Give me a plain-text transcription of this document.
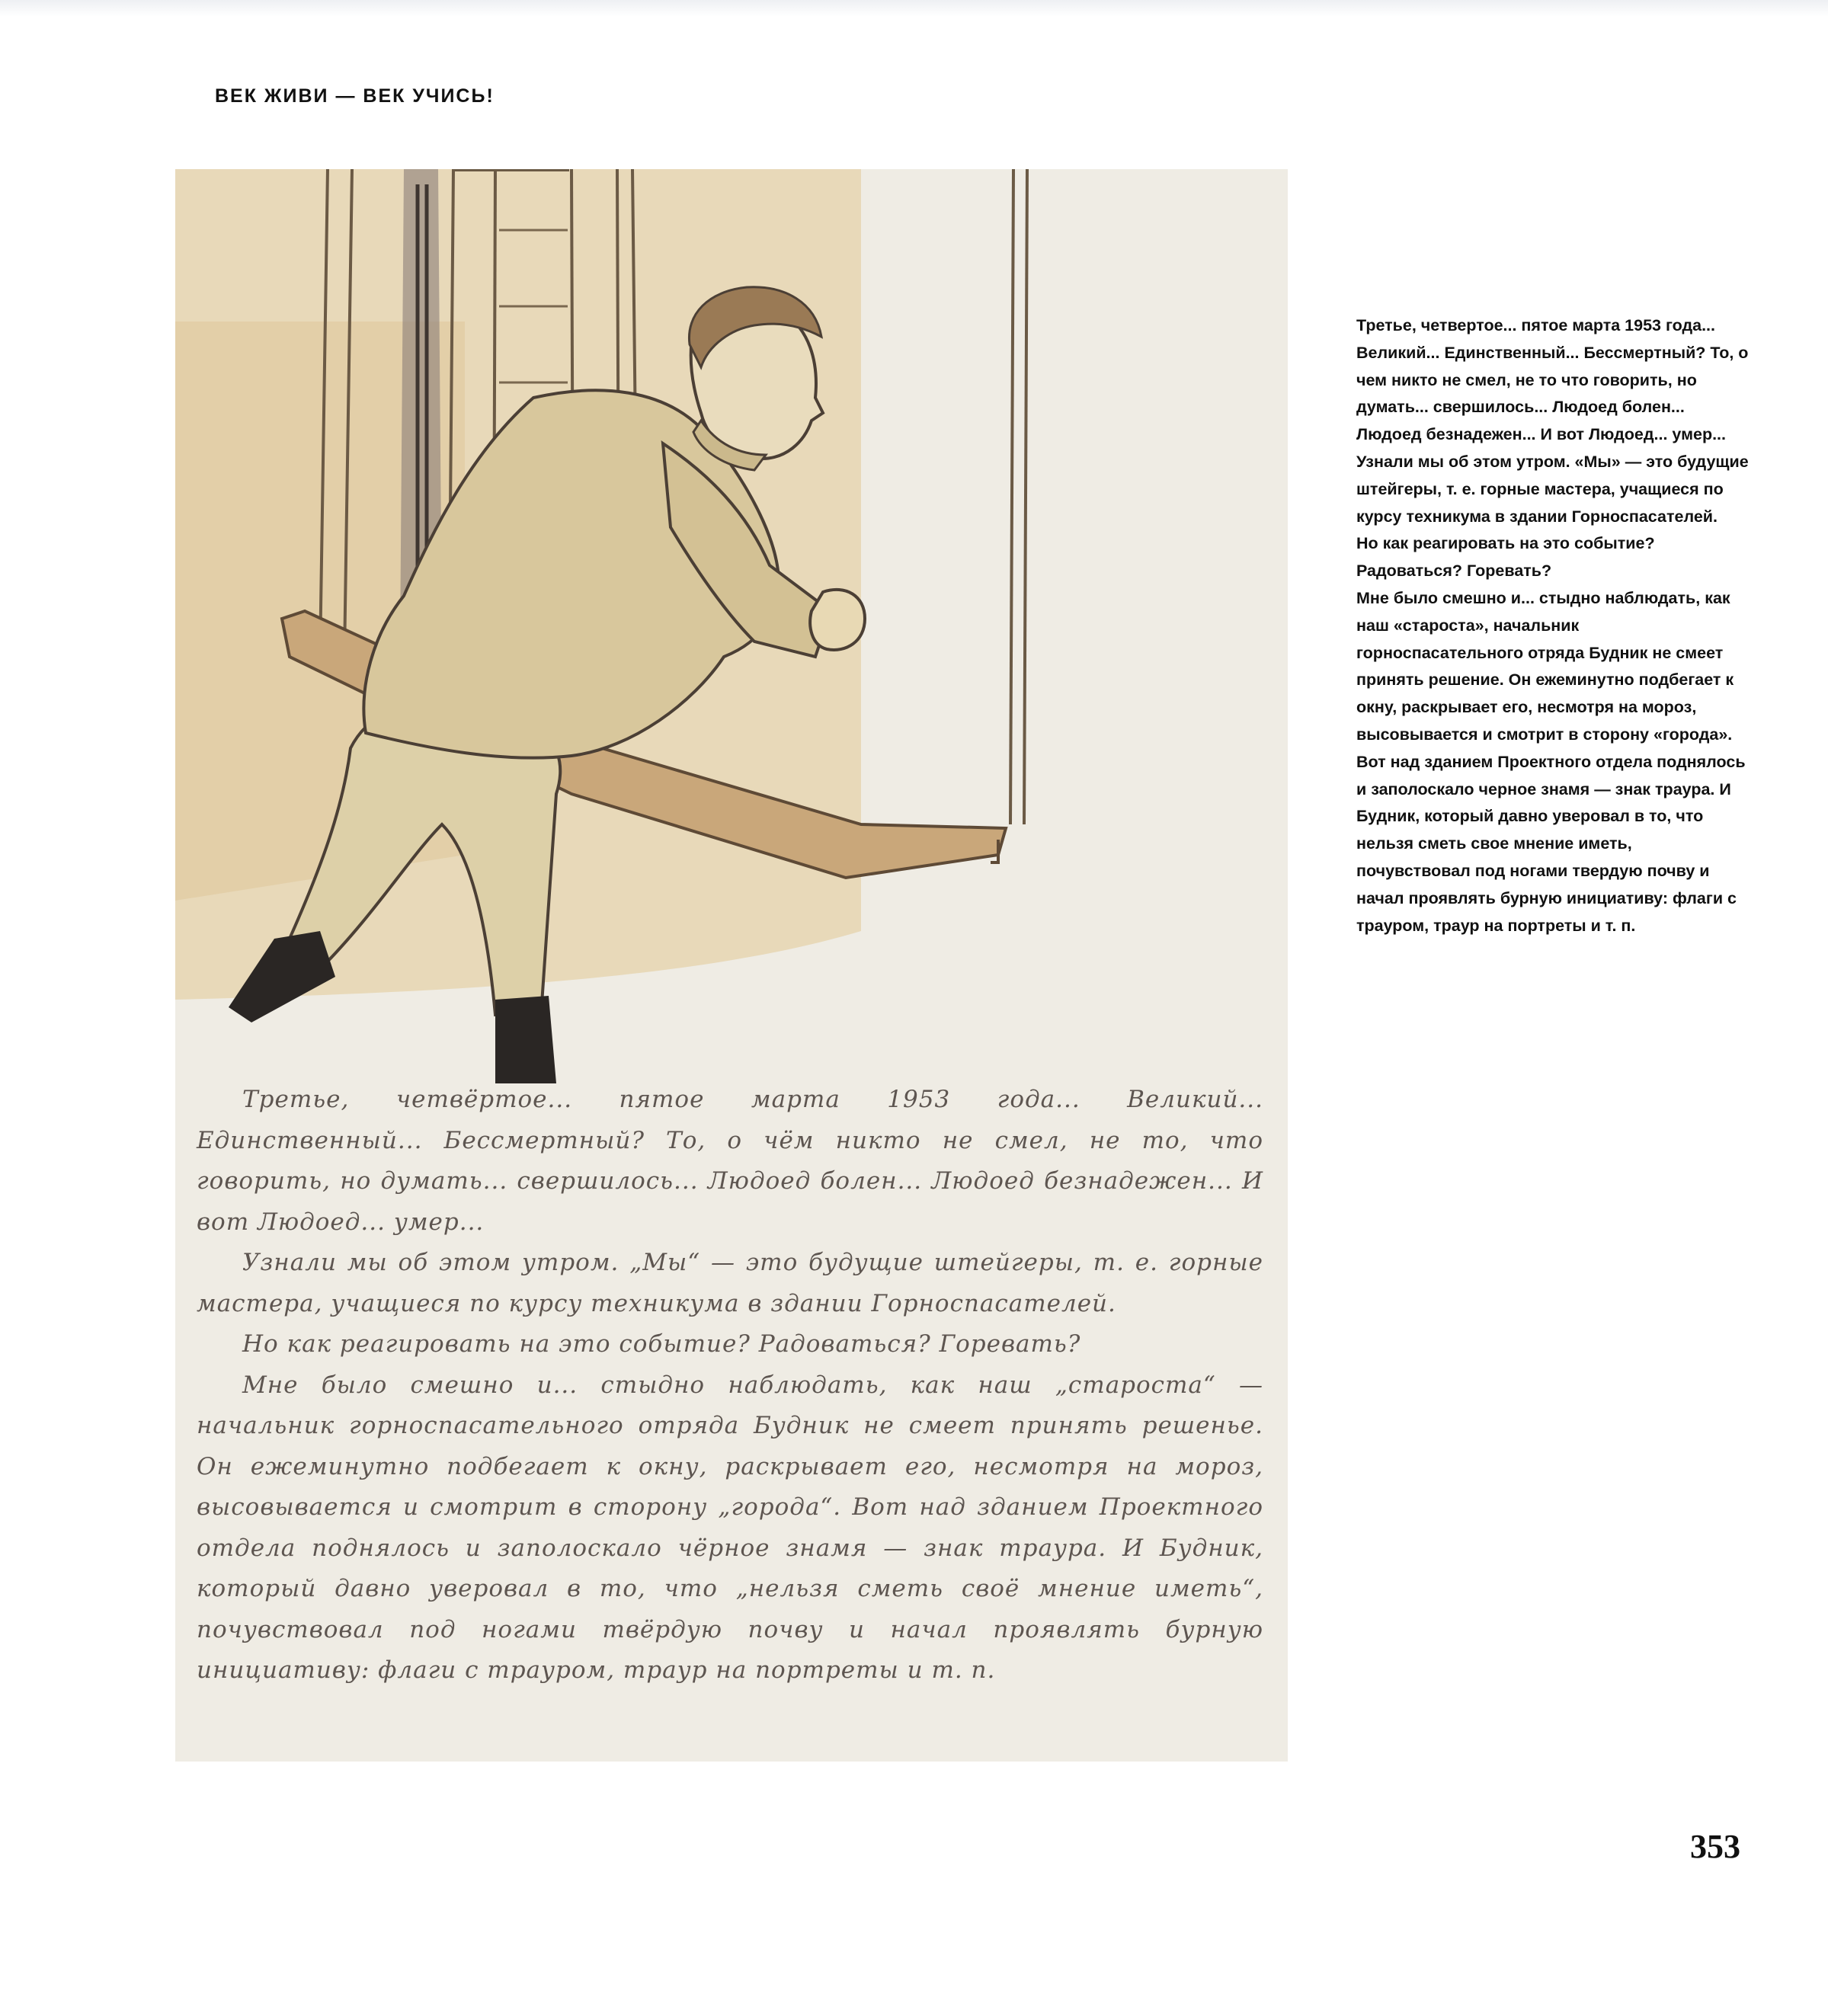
ВЕК ЖИВИ — ВЕК УЧИСЬ!
Третье, четвёртое... пятое марта 1953 года... Великий... Единственный... Бессмертный? То, о чём никто не смел, не то, что говорить, но думать... свершилось... Людоед болен... Людоед безнадежен... И вот Людоед... умер...
Узнали мы об этом утром. „Мы“ — это будущие штейгеры, т. е. горные мастера, учащиеся по курсу техникума в здании Горноспасателей.
Но как реагировать на это событие? Радоваться? Горевать?
Мне было смешно и... стыдно наблюдать, как наш „староста“ — начальник горноспасательного отряда Будник не смеет принять решенье. Он ежеминутно подбегает к окну, раскрывает его, несмотря на мороз, высовывается и смотрит в сторону „города“. Вот над зданием Проектного отдела поднялось и заполоскало чёрное знамя — знак траура. И Будник, который давно уверовал в то, что „нельзя сметь своё мнение иметь“, почувствовал под ногами твёрдую почву и начал проявлять бурную инициативу: флаги с трауром, траур на портреты и т. п.

Третье, четвертое... пятое марта 1953 года... Великий... Единственный... Бессмертный? То, о чем никто не смел, не то что говорить, но думать... свершилось... Людоед болен... Людоед безнадежен... И вот Людоед... умер... Узнали мы об этом утром. «Мы» — это будущие штейгеры, т. е. горные мастера, учащиеся по курсу техникума в здании Горноспасателей.

Но как реагировать на это событие? Радоваться? Горевать?

Мне было смешно и... стыдно наблюдать, как наш «староста», начальник горноспасательного отряда Будник не смеет принять решение. Он ежеминутно подбегает к окну, раскрывает его, несмотря на мороз, высовывается и смотрит в сторону «города». Вот над зданием Проектного отдела поднялось и заполоскало черное знамя — знак траура. И Будник, который давно уверовал в то, что нельзя сметь свое мнение иметь, почувствовал под ногами твердую почву и начал проявлять бурную инициативу: флаги с трауром, траур на портреты и т. п.

353
